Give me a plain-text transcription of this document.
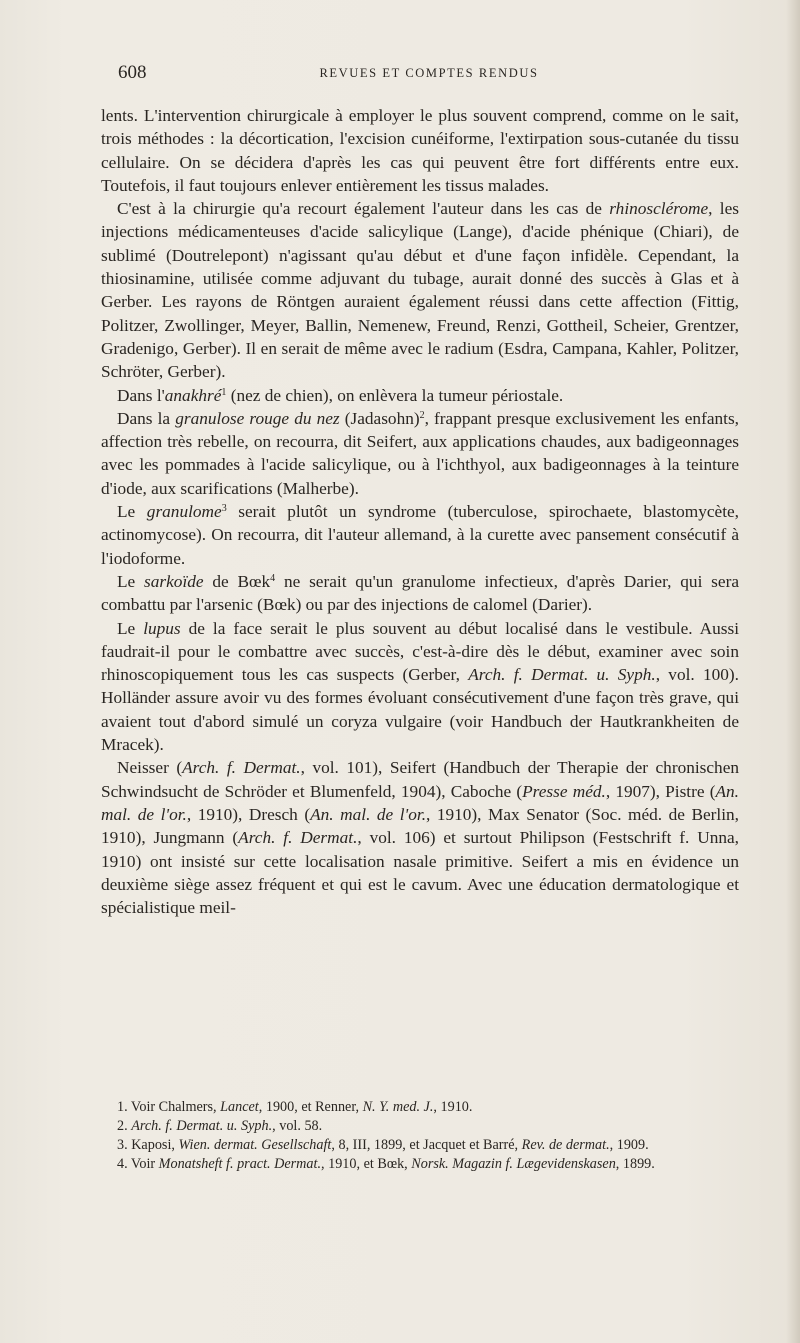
608	REVUES ET COMPTES RENDUS

lents. L'intervention chirurgicale à employer le plus souvent comprend, comme on le sait, trois méthodes : la décortication, l'excision cunéiforme, l'extirpation sous-cutanée du tissu cellulaire. On se décidera d'après les cas qui peuvent être fort différents entre eux. Toutefois, il faut toujours enlever entièrement les tissus malades.

C'est à la chirurgie qu'a recourt également l'auteur dans les cas de rhinosclérome, les injections médicamenteuses d'acide salicylique (Lange), d'acide phénique (Chiari), de sublimé (Doutrelepont) n'agissant qu'au début et d'une façon infidèle. Cependant, la thiosinamine, utilisée comme adjuvant du tubage, aurait donné des succès à Glas et à Gerber. Les rayons de Röntgen auraient également réussi dans cette affection (Fittig, Politzer, Zwollinger, Meyer, Ballin, Nemenew, Freund, Renzi, Gottheil, Scheier, Grentzer, Gradenigo, Gerber). Il en serait de même avec le radium (Esdra, Campana, Kahler, Politzer, Schröter, Gerber).

Dans l'anakhré$^1$ (nez de chien), on enlèvera la tumeur périostale.

Dans la granulose rouge du nez (Jadasohn)$^2$, frappant presque exclusivement les enfants, affection très rebelle, on recourra, dit Seifert, aux applications chaudes, aux badigeonnages avec les pommades à l'acide salicylique, ou à l'ichthyol, aux badigeonnages à la teinture d'iode, aux scarifications (Malherbe).

Le granulome$^3$ serait plutôt un syndrome (tuberculose, spirochaete, blastomycète, actinomycose). On recourra, dit l'auteur allemand, à la curette avec pansement consécutif à l'iodoforme.

Le sarkoïde de Bœk$^4$ ne serait qu'un granulome infectieux, d'après Darier, qui sera combattu par l'arsenic (Bœk) ou par des injections de calomel (Darier).

Le lupus de la face serait le plus souvent au début localisé dans le vestibule. Aussi faudrait-il pour le combattre avec succès, c'est-à-dire dès le début, examiner avec soin rhinoscopiquement tous les cas suspects (Gerber, Arch. f. Dermat. u. Syph., vol. 100). Holländer assure avoir vu des formes évoluant consécutivement d'une façon très grave, qui avaient tout d'abord simulé un coryza vulgaire (voir Handbuch der Hautkrankheiten de Mracek).

Neisser (Arch. f. Dermat., vol. 101), Seifert (Handbuch der Therapie der chronischen Schwindsucht de Schröder et Blumenfeld, 1904), Caboche (Presse méd., 1907), Pistre (An. mal. de l'or., 1910), Dresch (An. mal. de l'or., 1910), Max Senator (Soc. méd. de Berlin, 1910), Jungmann (Arch. f. Dermat., vol. 106) et surtout Philipson (Festschrift f. Unna, 1910) ont insisté sur cette localisation nasale primitive. Seifert a mis en évidence un deuxième siège assez fréquent et qui est le cavum. Avec une éducation dermatologique et spécialistique meil-

1. Voir Chalmers, Lancet, 1900, et Renner, N. Y. med. J., 1910.

2. Arch. f. Dermat. u. Syph., vol. 58.

3. Kaposi, Wien. dermat. Gesellschaft, 8, III, 1899, et Jacquet et Barré, Rev. de dermat., 1909.

4. Voir Monatsheft f. pract. Dermat., 1910, et Bœk, Norsk. Magazin f. Lægevidenskasen, 1899.
